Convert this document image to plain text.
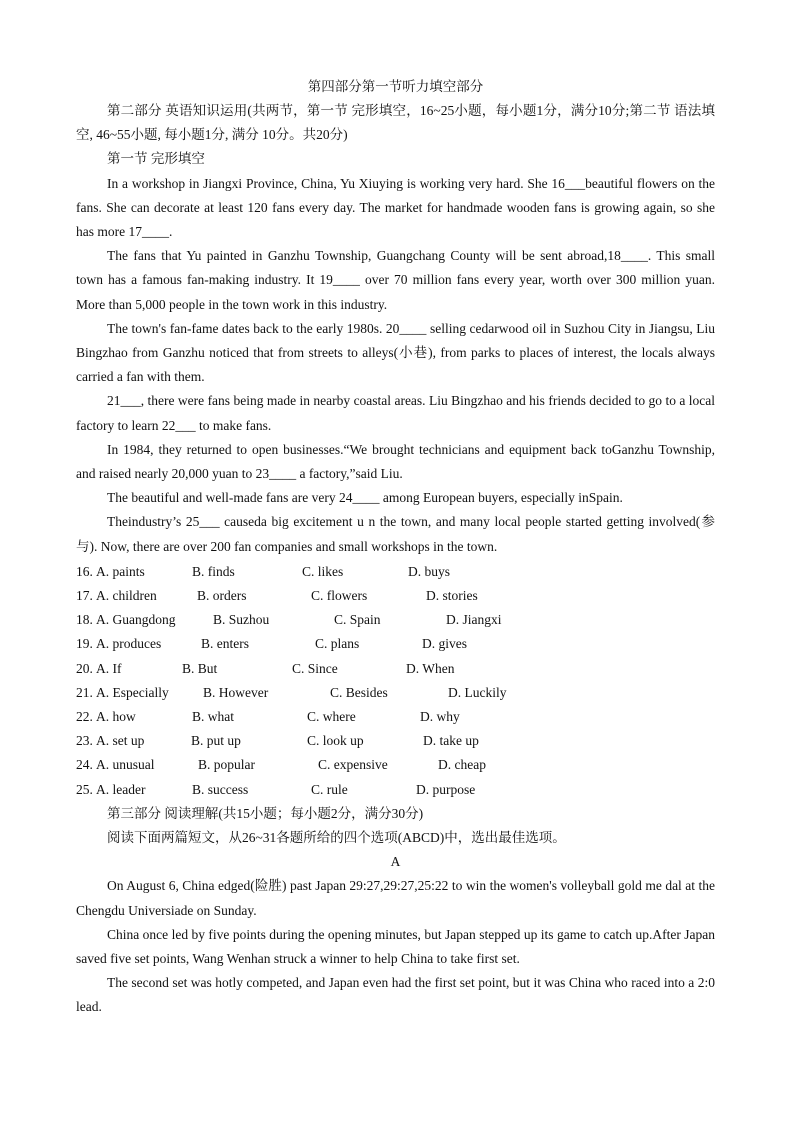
第四部分第一节听力填空部分

第二部分 英语知识运用(共两节，第一节 完形填空，16~25小题，每小题1分，满分10分;第二节 语法填空, 46~55小题, 每小题1分, 满分 10分。共20分)

第一节 完形填空

In a workshop in Jiangxi Province, China, Yu Xiuying is working very hard. She 16___beautiful flowers on the fans. She can decorate at least 120 fans every day. The market for handmade wooden fans is growing again, so she has more 17____.

The fans that Yu painted in Ganzhu Township, Guangchang County will be sent abroad,18____. This small town has a famous fan-making industry. It 19____ over 70 million fans every year, worth over 300 million yuan. More than 5,000 people in the town work in this industry.

The town's fan-fame dates back to the early 1980s. 20____ selling cedarwood oil in Suzhou City in Jiangsu, Liu Bingzhao from Ganzhu noticed that from streets to alleys(小巷), from parks to places of interest, the locals always carried a fan with them.

21___, there were fans being made in nearby coastal areas. Liu Bingzhao and his friends decided to go to a local factory to learn 22___ to make fans.

In 1984, they returned to open businesses.“We brought technicians and equipment back toGanzhu Township, and raised nearly 20,000 yuan to 23____ a factory,”said Liu.

The beautiful and well-made fans are very 24____ among European buyers, especially inSpain.

Theindustry’s 25___ causeda big excitement u n the town, and many local people started getting involved(参与). Now, there are over 200 fan companies and small workshops in the town.

16. A. paints	B. finds	C. likes	D. buys
17. A. children	B. orders	C. flowers	D. stories
18. A. Guangdong	B. Suzhou	C. Spain	D. Jiangxi
19. A. produces	B. enters	C. plans	D. gives
20. A. If	B. But	C. Since	D. When
21. A. Especially	B. However	C. Besides	D. Luckily
22. A. how	B. what	C. where	D. why
23. A. set up	B. put up	C. look up	D. take up
24. A. unusual	B. popular	C. expensive	D. cheap
25. A. leader	B. success	C. rule	D. purpose

第三部分 阅读理解(共15小题；每小题2分，满分30分)

阅读下面两篇短文，从26~31各题所给的四个选项(ABCD)中，选出最佳选项。

A

On August 6, China edged(险胜) past Japan 29:27,29:27,25:22 to win the women's volleyball gold me dal at the Chengdu Universiade on Sunday.

China once led by five points during the opening minutes, but Japan stepped up its game to catch up.After Japan saved five set points, Wang Wenhan struck a winner to help China to take first set.

The second set was hotly competed, and Japan even had the first set point, but it was China who raced into a 2:0 lead.
